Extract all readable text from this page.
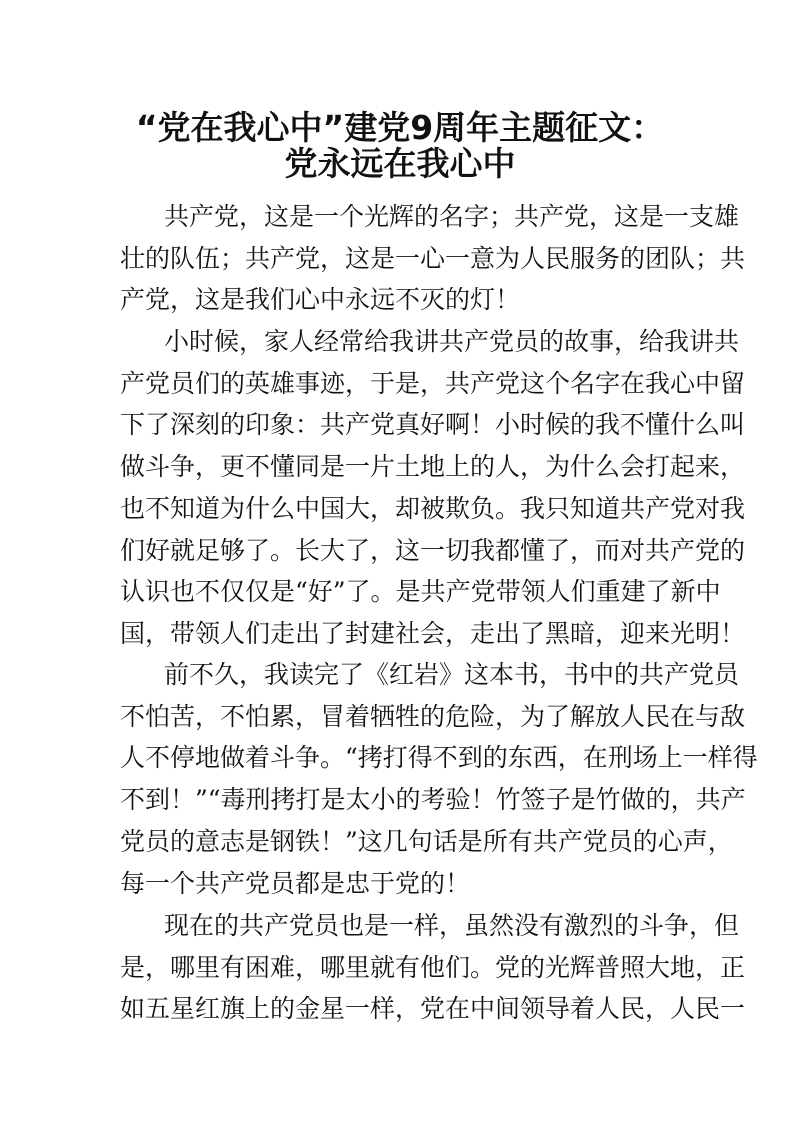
“党在我心中”建党9周年主题征文：
党永远在我心中
共产党，这是一个光辉的名字；共产党，这是一支雄
壮的队伍；共产党，这是一心一意为人民服务的团队；共
产党，这是我们心中永远不灭的灯！
小时候，家人经常给我讲共产党员的故事，给我讲共
产党员们的英雄事迹，于是，共产党这个名字在我心中留
下了深刻的印象：共产党真好啊！小时候的我不懂什么叫
做斗争，更不懂同是一片土地上的人，为什么会打起来，
也不知道为什么中国大，却被欺负。我只知道共产党对我
们好就足够了。长大了，这一切我都懂了，而对共产党的
认识也不仅仅是“好”了。是共产党带领人们重建了新中
国，带领人们走出了封建社会，走出了黑暗，迎来光明！
前不久，我读完了《红岩》这本书，书中的共产党员
不怕苦，不怕累，冒着牺牲的危险，为了解放人民在与敌
人不停地做着斗争。“拷打得不到的东西，在刑场上一样得
不到！”“毒刑拷打是太小的考验！竹签子是竹做的，共产
党员的意志是钢铁！”这几句话是所有共产党员的心声，
每一个共产党员都是忠于党的！
现在的共产党员也是一样，虽然没有激烈的斗争，但
是，哪里有困难，哪里就有他们。党的光辉普照大地，正
如五星红旗上的金星一样，党在中间领导着人民，人民一
